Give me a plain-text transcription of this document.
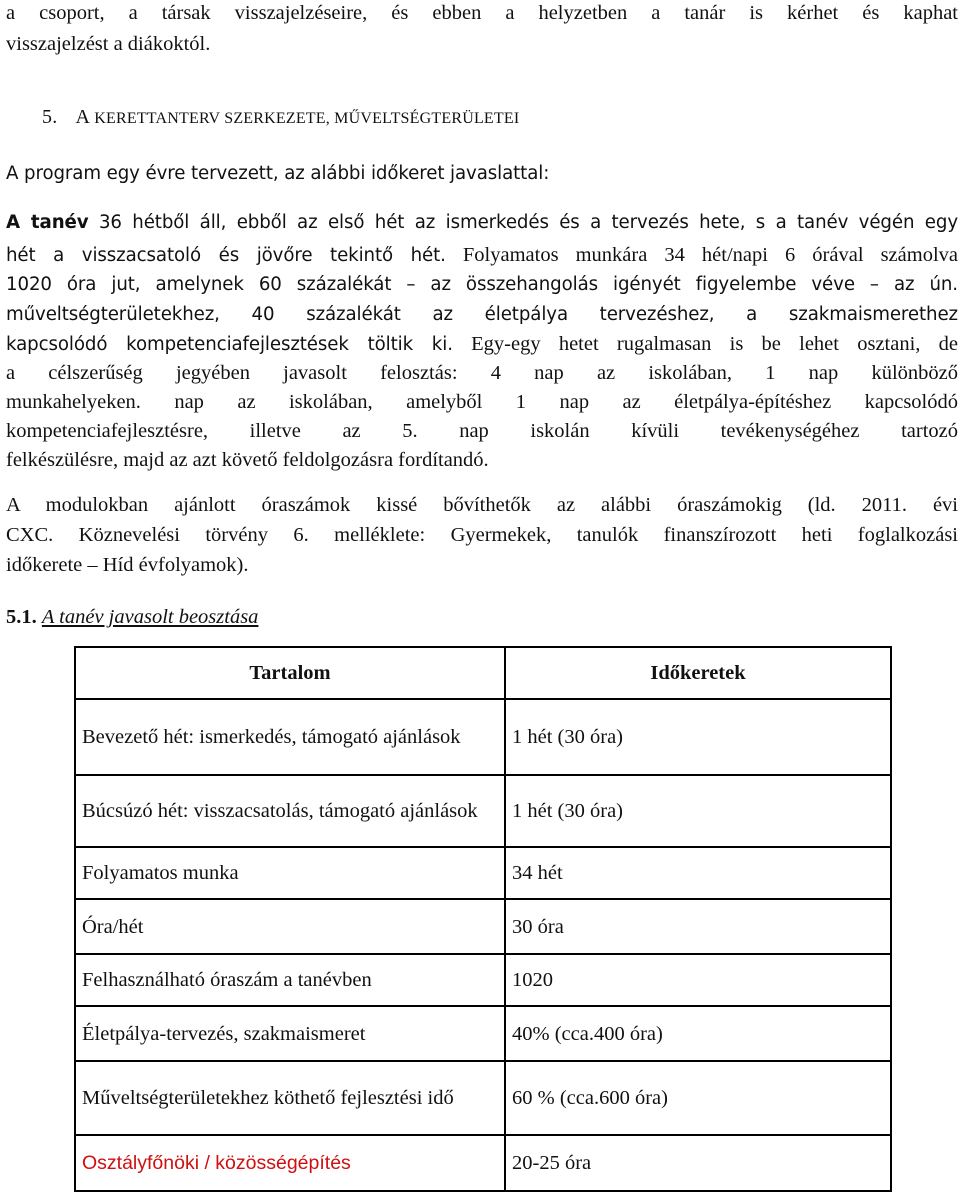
a csoport, a társak visszajelzéseire, és ebben a helyzetben a tanár is kérhet és kaphat
visszajelzést a diákoktól.
5. A KERETTANTERV SZERKEZETE, MŰVELTSÉGTERÜLETEI
A program egy évre tervezett, az alábbi időkeret javaslattal:
A tanév 36 hétből áll, ebből az első hét az ismerkedés és a tervezés hete, s a tanév végén egy
hét a visszacsatoló és jövőre tekintő hét. Folyamatos munkára 34 hét/napi 6 órával számolva
1020 óra jut, amelynek 60 százalékát – az összehangolás igényét figyelembe véve – az ún.
műveltségterületekhez, 40 százalékát az életpálya tervezéshez, a szakmaismerethez
kapcsolódó kompetenciafejlesztések töltik ki. Egy-egy hetet rugalmasan is be lehet osztani, de
a célszerűség jegyében javasolt felosztás: 4 nap az iskolában, 1 nap különböző
munkahelyeken. nap az iskolában, amelyből 1 nap az életpálya-építéshez kapcsolódó
kompetenciafejlesztésre, illetve az 5. nap iskolán kívüli tevékenységéhez tartozó
felkészülésre, majd az azt követő feldolgozásra fordítandó.
A modulokban ajánlott óraszámok kissé bővíthetők az alábbi óraszámokig (ld. 2011. évi
CXC. Köznevelési törvény 6. melléklete: Gyermekek, tanulók finanszírozott heti foglalkozási
időkerete – Híd évfolyamok).
5.1. A tanév javasolt beosztása
Tartalom	Időkeretek
Bevezető hét: ismerkedés, támogató ajánlások	1 hét (30 óra)
Búcsúzó hét: visszacsatolás, támogató ajánlások	1 hét (30 óra)
Folyamatos munka	34 hét
Óra/hét	30 óra
Felhasználható óraszám a tanévben	1020
Életpálya-tervezés, szakmaismeret	40% (cca.400 óra)
Műveltségterületekhez köthető fejlesztési idő	60 % (cca.600 óra)
Osztályfőnöki / közösségépítés	20-25 óra
